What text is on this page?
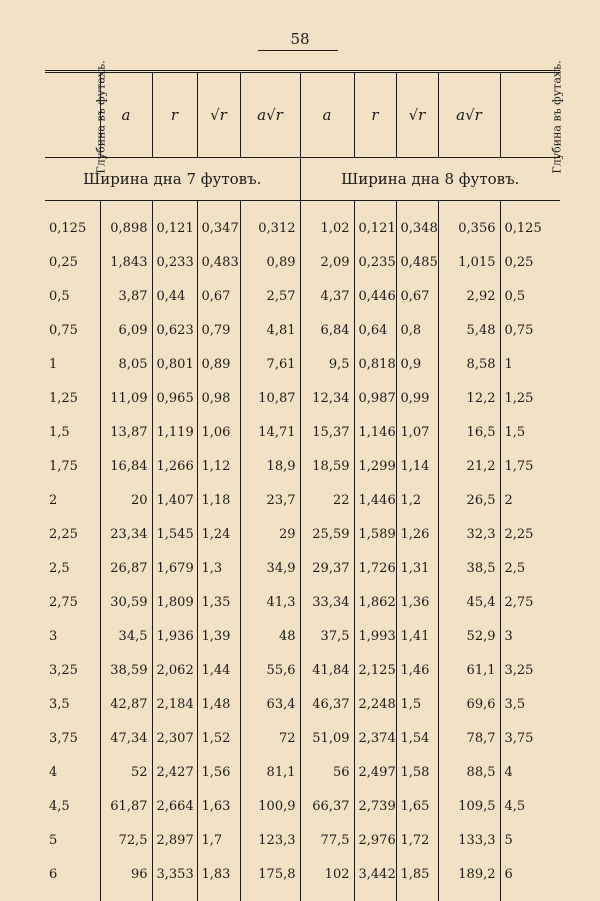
58
Глубина въ футахъ.	a	r	√r	a√r	a	r	√r	a√r	Глубина въ футахъ.
Ширина дна 7 футовъ.					Ширина дна 8 футовъ.				

0,125	0,898	0,121	0,347	0,312	1,02	0,121	0,348	0,356	0,125
0,25	1,843	0,233	0,483	0,89	2,09	0,235	0,485	1,015	0,25
0,5	3,87	0,44	0,67	2,57	4,37	0,446	0,67	2,92	0,5
0,75	6,09	0,623	0,79	4,81	6,84	0,64	0,8	5,48	0,75
1	8,05	0,801	0,89	7,61	9,5	0,818	0,9	8,58	1
1,25	11,09	0,965	0,98	10,87	12,34	0,987	0,99	12,2	1,25
1,5	13,87	1,119	1,06	14,71	15,37	1,146	1,07	16,5	1,5
1,75	16,84	1,266	1,12	18,9	18,59	1,299	1,14	21,2	1,75
2	20	1,407	1,18	23,7	22	1,446	1,2	26,5	2
2,25	23,34	1,545	1,24	29	25,59	1,589	1,26	32,3	2,25
2,5	26,87	1,679	1,3	34,9	29,37	1,726	1,31	38,5	2,5
2,75	30,59	1,809	1,35	41,3	33,34	1,862	1,36	45,4	2,75
3	34,5	1,936	1,39	48	37,5	1,993	1,41	52,9	3
3,25	38,59	2,062	1,44	55,6	41,84	2,125	1,46	61,1	3,25
3,5	42,87	2,184	1,48	63,4	46,37	2,248	1,5	69,6	3,5
3,75	47,34	2,307	1,52	72	51,09	2,374	1,54	78,7	3,75
4	52	2,427	1,56	81,1	56	2,497	1,58	88,5	4
4,5	61,87	2,664	1,63	100,9	66,37	2,739	1,65	109,5	4,5
5	72,5	2,897	1,7	123,3	77,5	2,976	1,72	133,3	5
6	96	3,353	1,83	175,8	102	3,442	1,85	189,2	6
